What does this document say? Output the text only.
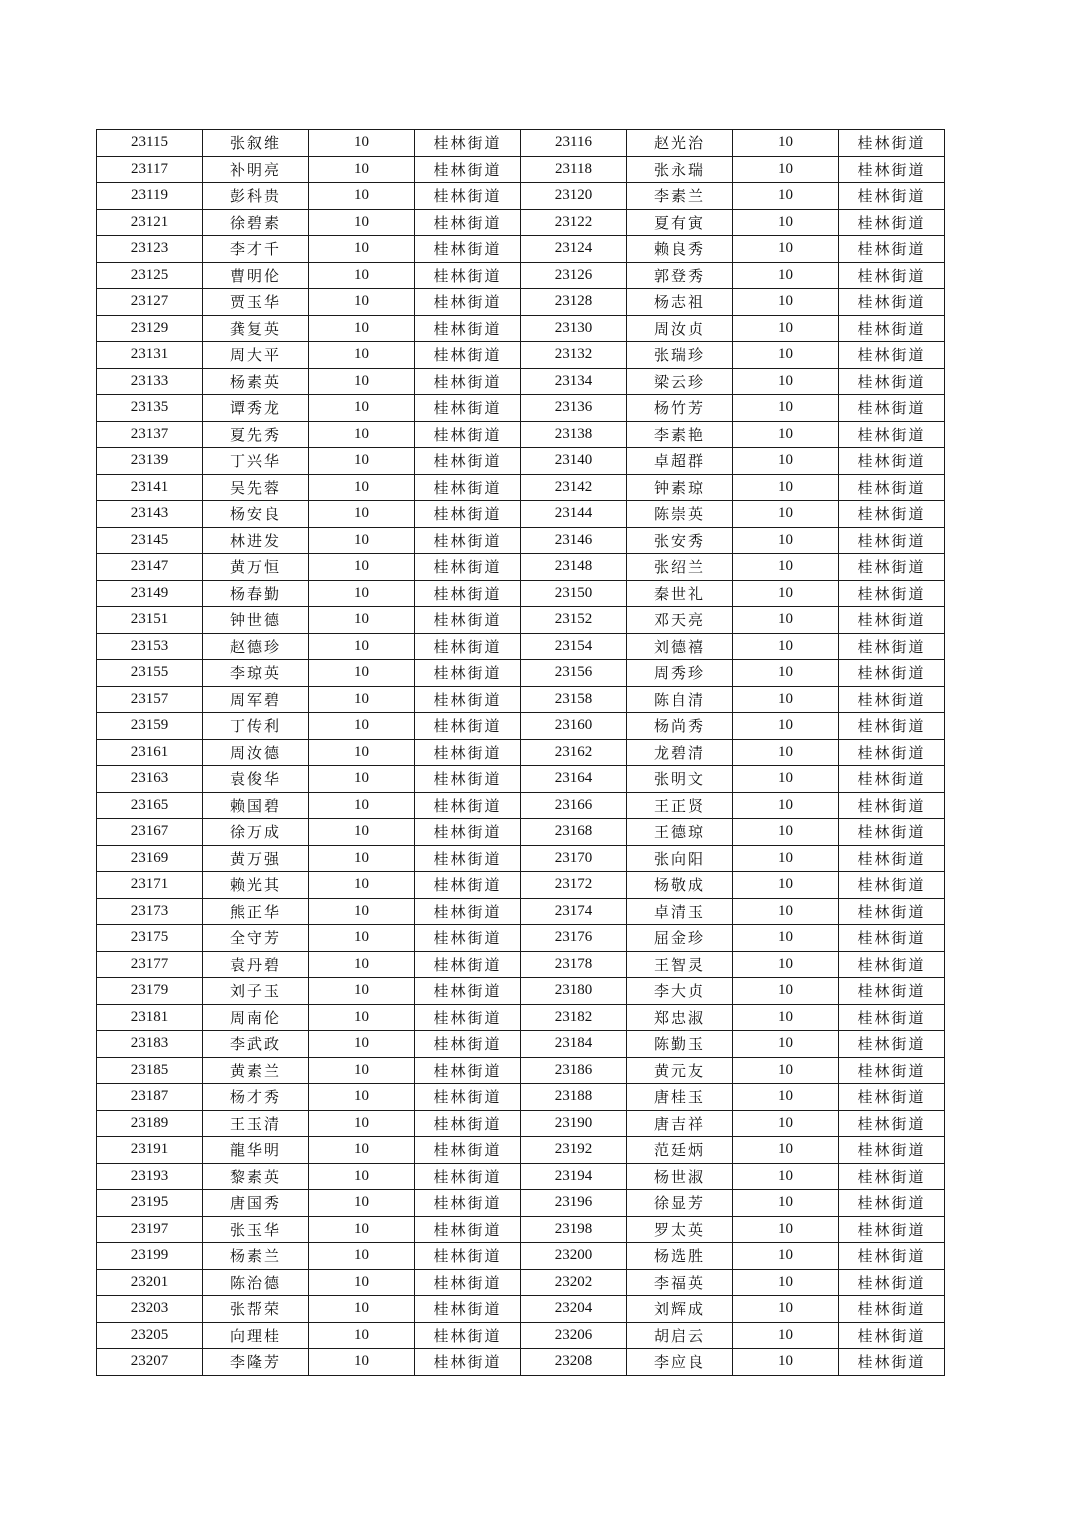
23115	张叙维	10	桂林街道	23116	赵光治	10	桂林街道
23117	补明亮	10	桂林街道	23118	张永瑞	10	桂林街道
23119	彭科贵	10	桂林街道	23120	李素兰	10	桂林街道
23121	徐碧素	10	桂林街道	23122	夏有寅	10	桂林街道
23123	李才千	10	桂林街道	23124	赖良秀	10	桂林街道
23125	曹明伦	10	桂林街道	23126	郭登秀	10	桂林街道
23127	贾玉华	10	桂林街道	23128	杨志祖	10	桂林街道
23129	龚复英	10	桂林街道	23130	周汝贞	10	桂林街道
23131	周大平	10	桂林街道	23132	张瑞珍	10	桂林街道
23133	杨素英	10	桂林街道	23134	梁云珍	10	桂林街道
23135	谭秀龙	10	桂林街道	23136	杨竹芳	10	桂林街道
23137	夏先秀	10	桂林街道	23138	李素艳	10	桂林街道
23139	丁兴华	10	桂林街道	23140	卓超群	10	桂林街道
23141	吴先蓉	10	桂林街道	23142	钟素琼	10	桂林街道
23143	杨安良	10	桂林街道	23144	陈崇英	10	桂林街道
23145	林进发	10	桂林街道	23146	张安秀	10	桂林街道
23147	黄万恒	10	桂林街道	23148	张绍兰	10	桂林街道
23149	杨春勤	10	桂林街道	23150	秦世礼	10	桂林街道
23151	钟世德	10	桂林街道	23152	邓天亮	10	桂林街道
23153	赵德珍	10	桂林街道	23154	刘德禧	10	桂林街道
23155	李琼英	10	桂林街道	23156	周秀珍	10	桂林街道
23157	周军碧	10	桂林街道	23158	陈自清	10	桂林街道
23159	丁传利	10	桂林街道	23160	杨尚秀	10	桂林街道
23161	周汝德	10	桂林街道	23162	龙碧清	10	桂林街道
23163	袁俊华	10	桂林街道	23164	张明文	10	桂林街道
23165	赖国碧	10	桂林街道	23166	王正贤	10	桂林街道
23167	徐万成	10	桂林街道	23168	王德琼	10	桂林街道
23169	黄万强	10	桂林街道	23170	张向阳	10	桂林街道
23171	赖光其	10	桂林街道	23172	杨敬成	10	桂林街道
23173	熊正华	10	桂林街道	23174	卓清玉	10	桂林街道
23175	全守芳	10	桂林街道	23176	屈金珍	10	桂林街道
23177	袁丹碧	10	桂林街道	23178	王智灵	10	桂林街道
23179	刘子玉	10	桂林街道	23180	李大贞	10	桂林街道
23181	周南伦	10	桂林街道	23182	郑忠淑	10	桂林街道
23183	李武政	10	桂林街道	23184	陈勤玉	10	桂林街道
23185	黄素兰	10	桂林街道	23186	黄元友	10	桂林街道
23187	杨才秀	10	桂林街道	23188	唐桂玉	10	桂林街道
23189	王玉清	10	桂林街道	23190	唐吉祥	10	桂林街道
23191	龍华明	10	桂林街道	23192	范廷炳	10	桂林街道
23193	黎素英	10	桂林街道	23194	杨世淑	10	桂林街道
23195	唐国秀	10	桂林街道	23196	徐显芳	10	桂林街道
23197	张玉华	10	桂林街道	23198	罗太英	10	桂林街道
23199	杨素兰	10	桂林街道	23200	杨选胜	10	桂林街道
23201	陈治德	10	桂林街道	23202	李福英	10	桂林街道
23203	张帮荣	10	桂林街道	23204	刘辉成	10	桂林街道
23205	向理桂	10	桂林街道	23206	胡启云	10	桂林街道
23207	李隆芳	10	桂林街道	23208	李应良	10	桂林街道
